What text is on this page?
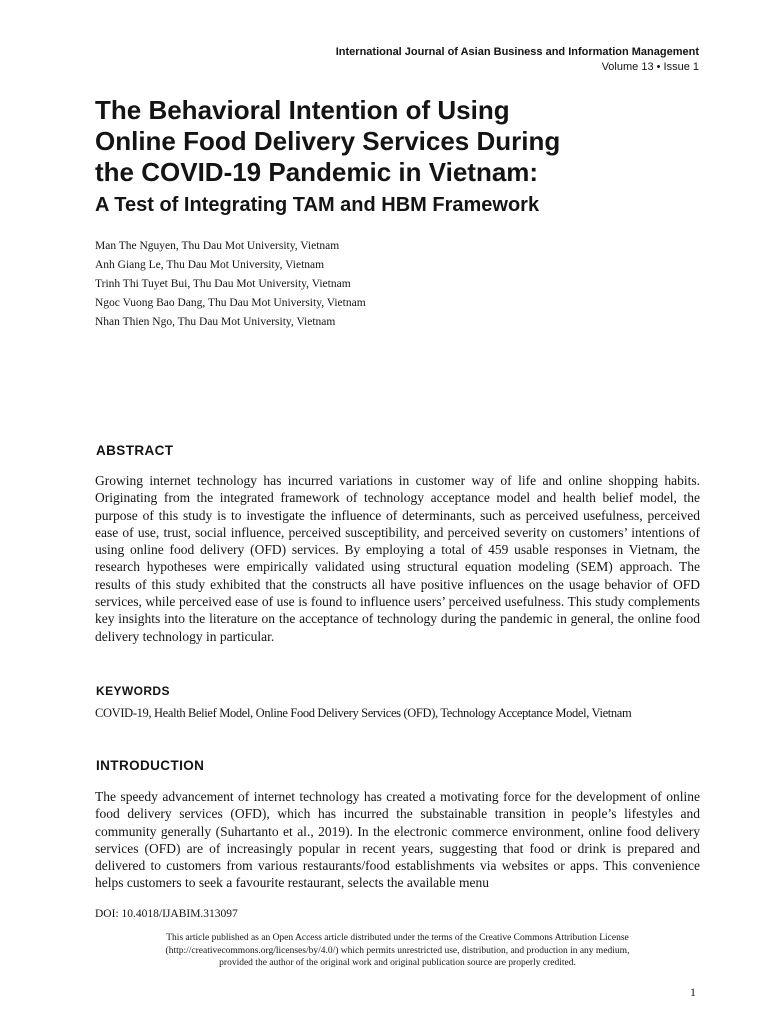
International Journal of Asian Business and Information Management
Volume 13 • Issue 1
The Behavioral Intention of Using
Online Food Delivery Services During
the COVID-19 Pandemic in Vietnam:
A Test of Integrating TAM and HBM Framework
Man The Nguyen, Thu Dau Mot University, Vietnam
Anh Giang Le, Thu Dau Mot University, Vietnam
Trinh Thi Tuyet Bui, Thu Dau Mot University, Vietnam
Ngoc Vuong Bao Dang, Thu Dau Mot University, Vietnam
Nhan Thien Ngo, Thu Dau Mot University, Vietnam
ABSTRACT
Growing internet technology has incurred variations in customer way of life and online shopping habits. Originating from the integrated framework of technology acceptance model and health belief model, the purpose of this study is to investigate the influence of determinants, such as perceived usefulness, perceived ease of use, trust, social influence, perceived susceptibility, and perceived severity on customers’ intentions of using online food delivery (OFD) services. By employing a total of 459 usable responses in Vietnam, the research hypotheses were empirically validated using structural equation modeling (SEM) approach. The results of this study exhibited that the constructs all have positive influences on the usage behavior of OFD services, while perceived ease of use is found to influence users’ perceived usefulness. This study complements key insights into the literature on the acceptance of technology during the pandemic in general, the online food delivery technology in particular.
KEYWORDS
COVID-19, Health Belief Model, Online Food Delivery Services (OFD), Technology Acceptance Model, Vietnam
INTRODUCTION
The speedy advancement of internet technology has created a motivating force for the development of online food delivery services (OFD), which has incurred the substainable transition in people’s lifestyles and community generally (Suhartanto et al., 2019). In the electronic commerce environment, online food delivery services (OFD) are of increasingly popular in recent years, suggesting that food or drink is prepared and delivered to customers from various restaurants/food establishments via websites or apps. This convenience helps customers to seek a favourite restaurant, selects the available menu
DOI: 10.4018/IJABIM.313097
This article published as an Open Access article distributed under the terms of the Creative Commons Attribution License
(http://creativecommons.org/licenses/by/4.0/) which permits unrestricted use, distribution, and production in any medium,
provided the author of the original work and original publication source are properly credited.
1
